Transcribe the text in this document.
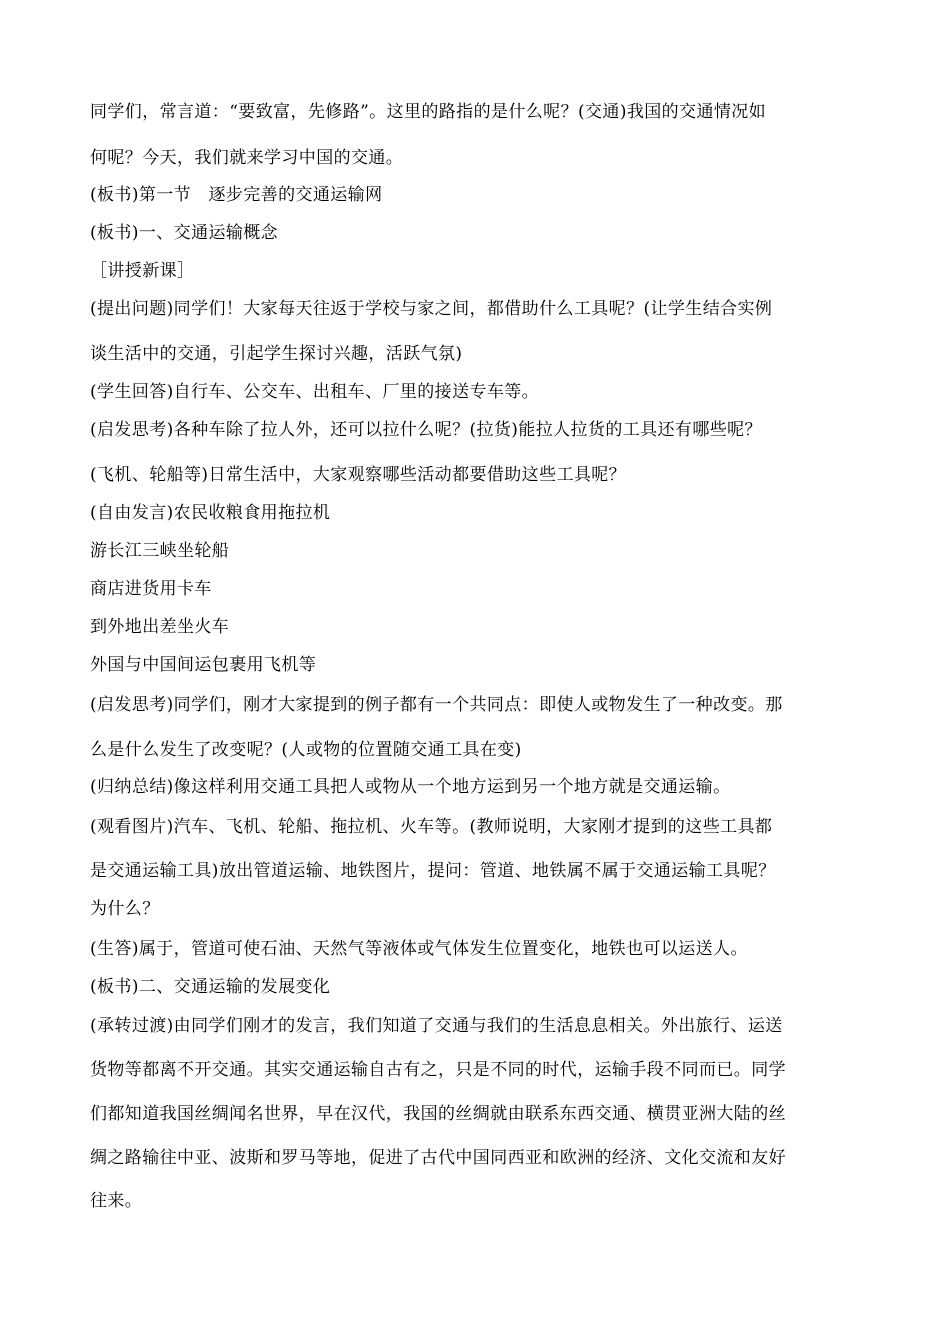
同学们，常言道：“要致富，先修路”。这里的路指的是什么呢？(交通)我国的交通情况如
何呢？今天，我们就来学习中国的交通。
(板书)第一节　逐步完善的交通运输网
(板书)一、交通运输概念
［讲授新课］
(提出问题)同学们！大家每天往返于学校与家之间，都借助什么工具呢？(让学生结合实例
谈生活中的交通，引起学生探讨兴趣，活跃气氛)
(学生回答)自行车、公交车、出租车、厂里的接送专车等。
(启发思考)各种车除了拉人外，还可以拉什么呢？(拉货)能拉人拉货的工具还有哪些呢？
(飞机、轮船等)日常生活中，大家观察哪些活动都要借助这些工具呢？
(自由发言)农民收粮食用拖拉机
游长江三峡坐轮船
商店进货用卡车
到外地出差坐火车
外国与中国间运包裹用飞机等
(启发思考)同学们，刚才大家提到的例子都有一个共同点：即使人或物发生了一种改变。那
么是什么发生了改变呢？(人或物的位置随交通工具在变)
(归纳总结)像这样利用交通工具把人或物从一个地方运到另一个地方就是交通运输。
(观看图片)汽车、飞机、轮船、拖拉机、火车等。(教师说明，大家刚才提到的这些工具都
是交通运输工具)放出管道运输、地铁图片，提问：管道、地铁属不属于交通运输工具呢？
为什么？
(生答)属于，管道可使石油、天然气等液体或气体发生位置变化，地铁也可以运送人。
(板书)二、交通运输的发展变化
(承转过渡)由同学们刚才的发言，我们知道了交通与我们的生活息息相关。外出旅行、运送
货物等都离不开交通。其实交通运输自古有之，只是不同的时代，运输手段不同而已。同学
们都知道我国丝绸闻名世界，早在汉代，我国的丝绸就由联系东西交通、横贯亚洲大陆的丝
绸之路输往中亚、波斯和罗马等地，促进了古代中国同西亚和欧洲的经济、文化交流和友好
往来。
